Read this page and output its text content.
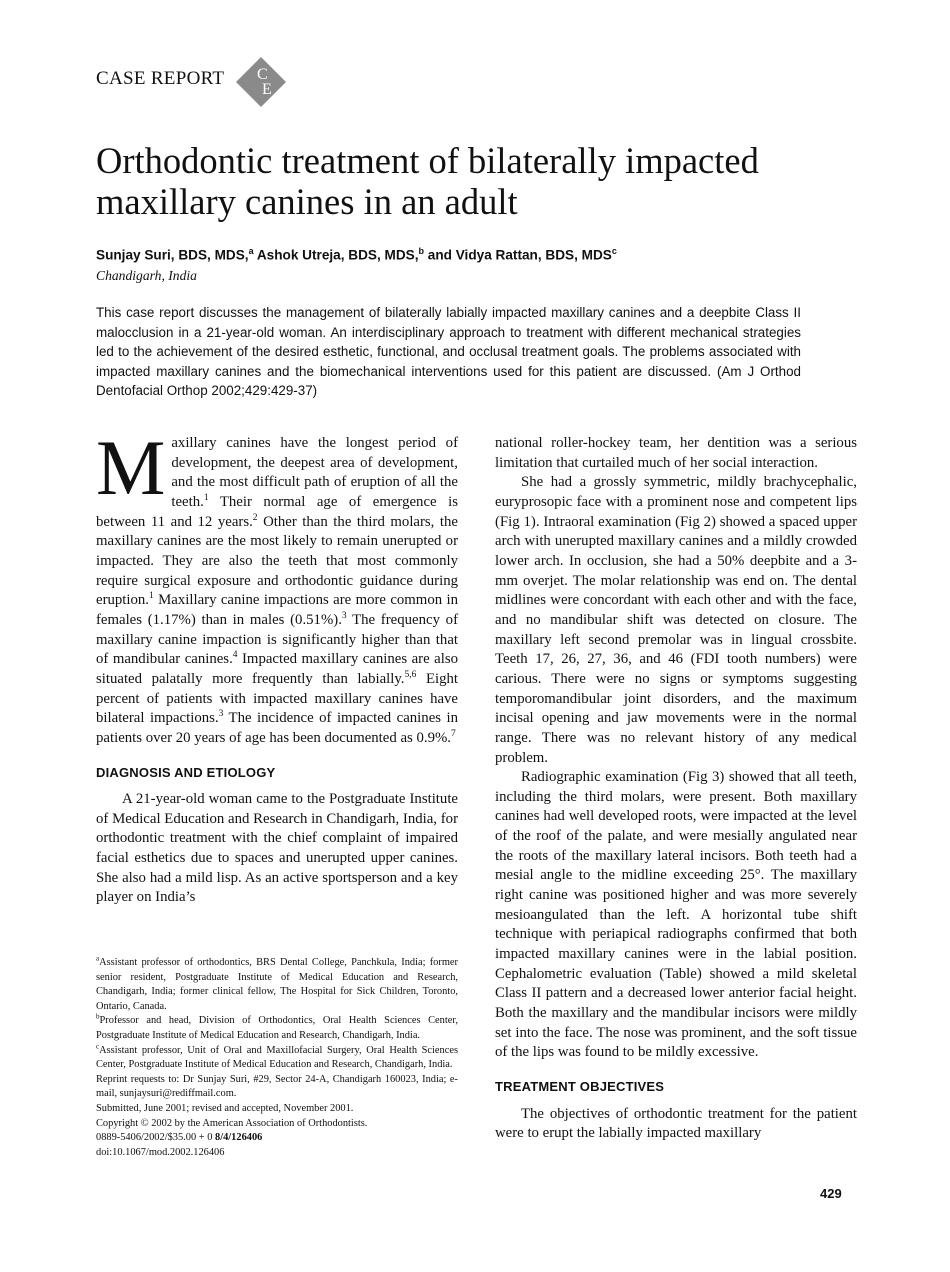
CASE REPORT C
E
Orthodontic treatment of bilaterally impacted maxillary canines in an adult
Sunjay Suri, BDS, MDS,$^a$ Ashok Utreja, BDS, MDS,$^b$ and Vidya Rattan, BDS, MDS$^c$
Chandigarh, India

This case report discusses the management of bilaterally labially impacted maxillary canines and a deepbite Class II malocclusion in a 21-year-old woman. An interdisciplinary approach to treatment with different mechanical strategies led to the achievement of the desired esthetic, functional, and occlusal treatment goals. The problems associated with impacted maxillary canines and the biomechanical interventions used for this patient are discussed. (Am J Orthod Dentofacial Orthop 2002;429:429-37)

Maxillary canines have the longest period of development, the deepest area of development, and the most difficult path of eruption of all the teeth.$^1$ Their normal age of emergence is between 11 and 12 years.$^2$ Other than the third molars, the maxillary canines are the most likely to remain unerupted or impacted. They are also the teeth that most commonly require surgical exposure and orthodontic guidance during eruption.$^1$ Maxillary canine impactions are more common in females (1.17%) than in males (0.51%).$^3$ The frequency of maxillary canine impaction is significantly higher than that of mandibular canines.$^4$ Impacted maxillary canines are also situated palatally more frequently than labially.$^{5,6}$ Eight percent of patients with impacted maxillary canines have bilateral impactions.$^3$ The incidence of impacted canines in patients over 20 years of age has been documented as 0.9%.$^7$

DIAGNOSIS AND ETIOLOGY

A 21-year-old woman came to the Postgraduate Institute of Medical Education and Research in Chandigarh, India, for orthodontic treatment with the chief complaint of impaired facial esthetics due to spaces and unerupted upper canines. She also had a mild lisp. As an active sportsperson and a key player on India’s

national roller-hockey team, her dentition was a serious limitation that curtailed much of her social interaction.

She had a grossly symmetric, mildly brachycephalic, euryprosopic face with a prominent nose and competent lips (Fig 1). Intraoral examination (Fig 2) showed a spaced upper arch with unerupted maxillary canines and a mildly crowded lower arch. In occlusion, she had a 50% deepbite and a 3-mm overjet. The molar relationship was end on. The dental midlines were concordant with each other and with the face, and no mandibular shift was detected on closure. The maxillary left second premolar was in lingual crossbite. Teeth 17, 26, 27, 36, and 46 (FDI tooth numbers) were carious. There were no signs or symptoms suggesting temporomandibular joint disorders, and the maximum incisal opening and jaw movements were in the normal range. There was no relevant history of any medical problem.

Radiographic examination (Fig 3) showed that all teeth, including the third molars, were present. Both maxillary canines had well developed roots, were impacted at the level of the roof of the palate, and were mesially angulated near the roots of the maxillary lateral incisors. Both teeth had a mesial angle to the midline exceeding 25°. The maxillary right canine was positioned higher and was more severely mesioangulated than the left. A horizontal tube shift technique with periapical radiographs confirmed that both impacted maxillary canines were in the labial position. Cephalometric evaluation (Table) showed a mild skeletal Class II pattern and a decreased lower anterior facial height. Both the maxillary and the mandibular incisors were mildly set into the face. The nose was prominent, and the soft tissue of the lips was found to be mildly excessive.

TREATMENT OBJECTIVES

The objectives of orthodontic treatment for the patient were to erupt the labially impacted maxillary

$^a$Assistant professor of orthodontics, BRS Dental College, Panchkula, India; former senior resident, Postgraduate Institute of Medical Education and Research, Chandigarh, India; former clinical fellow, The Hospital for Sick Children, Toronto, Ontario, Canada.

$^b$Professor and head, Division of Orthodontics, Oral Health Sciences Center, Postgraduate Institute of Medical Education and Research, Chandigarh, India.

$^c$Assistant professor, Unit of Oral and Maxillofacial Surgery, Oral Health Sciences Center, Postgraduate Institute of Medical Education and Research, Chandigarh, India.

Reprint requests to: Dr Sunjay Suri, #29, Sector 24-A, Chandigarh 160023, India; e-mail, sunjaysuri@rediffmail.com.

Submitted, June 2001; revised and accepted, November 2001.

Copyright © 2002 by the American Association of Orthodontists.

0889-5406/2002/$35.00 + 0 8/4/126406

doi:10.1067/mod.2002.126406

429
